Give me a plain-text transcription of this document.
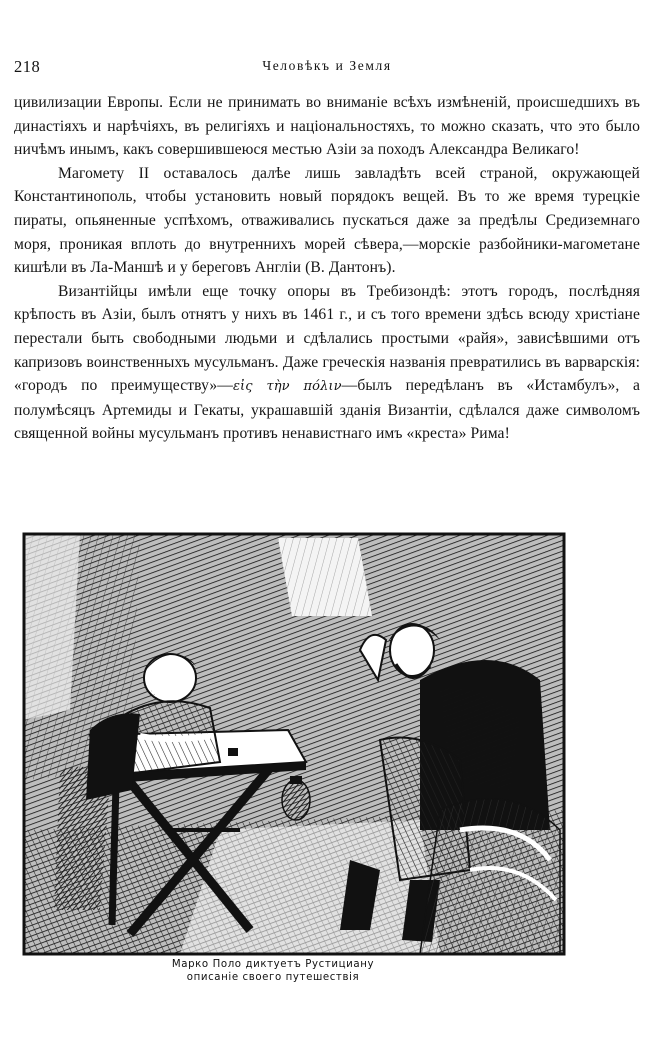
218	Человѣкъ и Земля

цивилизации Европы. Если не принимать во вниманіе всѣхъ измѣненій, происшедшихъ въ династіяхъ и нарѣчіяхъ, въ религіяхъ и національностяхъ, то можно сказать, что это было ничѣмъ инымъ, какъ совершившеюся местью Азіи за походъ Александра Великаго!

Магомету II оставалось далѣе лишь завладѣть всей страной, окружающей Константинополь, чтобы установить новый порядокъ вещей. Въ то же время турецкіе пираты, опьяненные успѣхомъ, отваживались пускаться даже за предѣлы Средиземнаго моря, проникая вплоть до внутреннихъ морей сѣвера,—морскіе разбойники-магометане кишѣли въ Ла-Маншѣ и у береговъ Англіи (В. Дантонъ).

Византійцы имѣли еще точку опоры въ Требизондѣ: этотъ городъ, послѣдняя крѣпость въ Азіи, былъ отнятъ у нихъ въ 1461 г., и съ того времени здѣсь всюду христіане перестали быть свободными людьми и сдѣлались простыми «райя», зависѣвшими отъ капризовъ воинственныхъ мусульманъ. Даже греческія названія превратились въ варварскія: «городъ по преимуществу»—εἰς τὴν πόλιν—былъ передѣланъ въ «Истамбулъ», а полумѣсяцъ Артемиды и Гекаты, украшавшій зданія Византіи, сдѣлался даже символомъ священной войны мусульманъ противъ ненавистнаго имъ «креста» Рима!

Марко Поло диктуетъ Рустициану
описаніе своего путешествія
